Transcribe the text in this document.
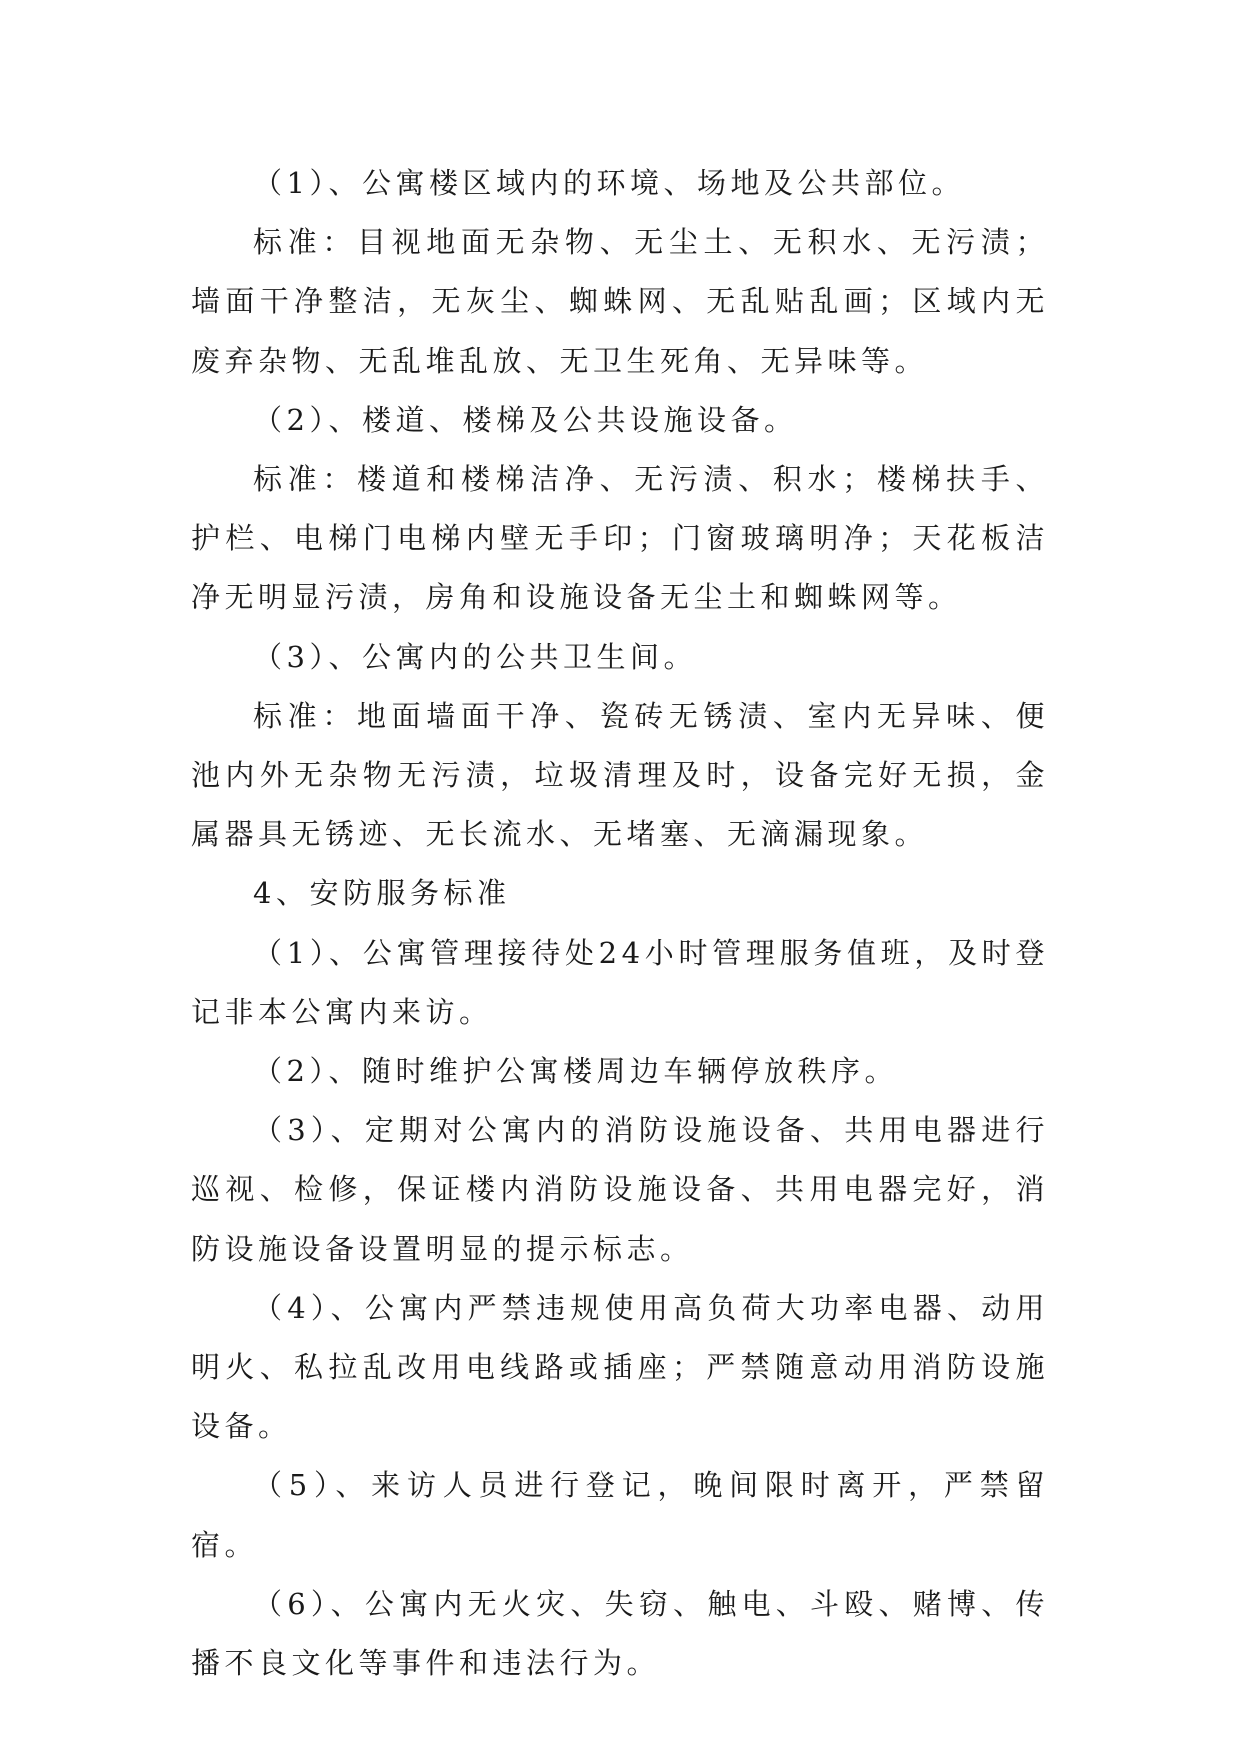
（1）、公寓楼区域内的环境、场地及公共部位。

标准：目视地面无杂物、无尘土、无积水、无污渍；墙面干净整洁，无灰尘、蜘蛛网、无乱贴乱画；区域内无废弃杂物、无乱堆乱放、无卫生死角、无异味等。

（2）、楼道、楼梯及公共设施设备。

标准：楼道和楼梯洁净、无污渍、积水；楼梯扶手、护栏、电梯门电梯内壁无手印；门窗玻璃明净；天花板洁净无明显污渍，房角和设施设备无尘土和蜘蛛网等。

（3）、公寓内的公共卫生间。

标准：地面墙面干净、瓷砖无锈渍、室内无异味、便池内外无杂物无污渍，垃圾清理及时，设备完好无损，金属器具无锈迹、无长流水、无堵塞、无滴漏现象。

4、安防服务标准

（1）、公寓管理接待处24小时管理服务值班，及时登记非本公寓内来访。

（2）、随时维护公寓楼周边车辆停放秩序。

（3）、定期对公寓内的消防设施设备、共用电器进行巡视、检修，保证楼内消防设施设备、共用电器完好，消防设施设备设置明显的提示标志。

（4）、公寓内严禁违规使用高负荷大功率电器、动用明火、私拉乱改用电线路或插座；严禁随意动用消防设施设备。

（5）、来访人员进行登记，晚间限时离开，严禁留宿。

（6）、公寓内无火灾、失窃、触电、斗殴、赌博、传播不良文化等事件和违法行为。
